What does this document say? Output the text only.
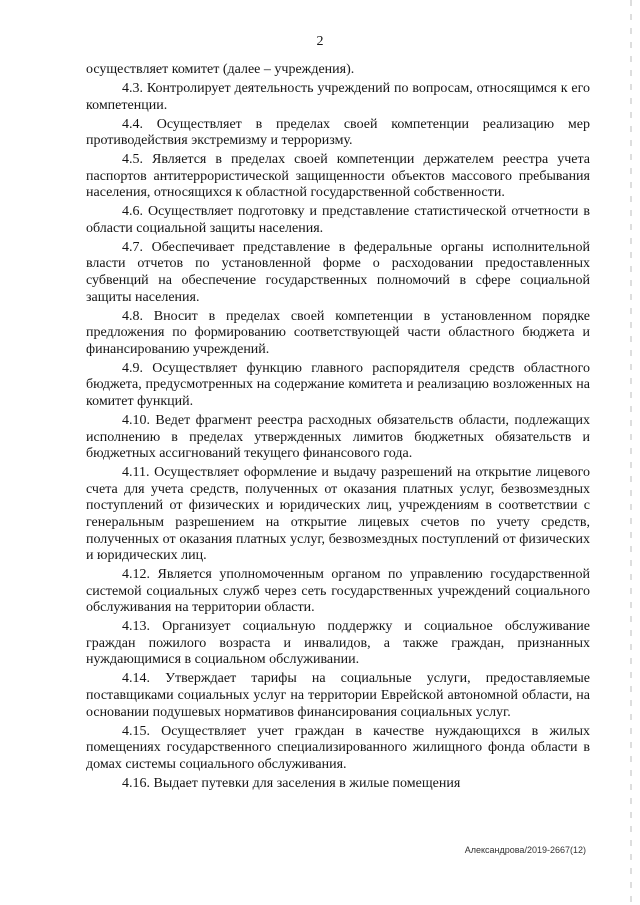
2

осуществляет комитет (далее – учреждения).

4.3. Контролирует деятельность учреждений по вопросам, относящимся к его компетенции.

4.4. Осуществляет в пределах своей компетенции реализацию мер противодействия экстремизму и терроризму.

4.5. Является в пределах своей компетенции держателем реестра учета паспортов антитеррористической защищенности объектов массового пребывания населения, относящихся к областной государственной собственности.

4.6. Осуществляет подготовку и представление статистической отчетности в области социальной защиты населения.

4.7. Обеспечивает представление в федеральные органы исполнительной власти отчетов по установленной форме о расходовании предоставленных субвенций на обеспечение государственных полномочий в сфере социальной защиты населения.

4.8. Вносит в пределах своей компетенции в установленном порядке предложения по формированию соответствующей части областного бюджета и финансированию учреждений.

4.9. Осуществляет функцию главного распорядителя средств областного бюджета, предусмотренных на содержание комитета и реализацию возложенных на комитет функций.

4.10. Ведет фрагмент реестра расходных обязательств области, подлежащих исполнению в пределах утвержденных лимитов бюджетных обязательств и бюджетных ассигнований текущего финансового года.

4.11. Осуществляет оформление и выдачу разрешений на открытие лицевого счета для учета средств, полученных от оказания платных услуг, безвозмездных поступлений от физических и юридических лиц, учреждениям в соответствии с генеральным разрешением на открытие лицевых счетов по учету средств, полученных от оказания платных услуг, безвозмездных поступлений от физических и юридических лиц.

4.12. Является уполномоченным органом по управлению государственной системой социальных служб через сеть государственных учреждений социального обслуживания на территории области.

4.13. Организует социальную поддержку и социальное обслуживание граждан пожилого возраста и инвалидов, а также граждан, признанных нуждающимися в социальном обслуживании.

4.14. Утверждает тарифы на социальные услуги, предоставляемые поставщиками социальных услуг на территории Еврейской автономной области, на основании подушевых нормативов финансирования социальных услуг.

4.15. Осуществляет учет граждан в качестве нуждающихся в жилых помещениях государственного специализированного жилищного фонда области в домах системы социального обслуживания.

4.16. Выдает путевки для заселения в жилые помещения

Александрова/2019-2667(12)
